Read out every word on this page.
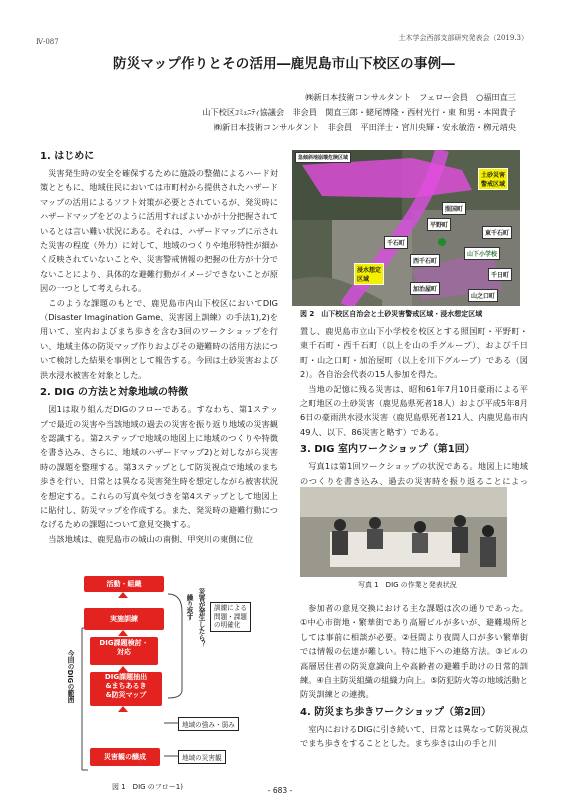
Ⅳ-087	土木学会西部支部研究発表会（2019.3）
防災マップ作りとその活用―鹿児島市山下校区の事例―
㈱新日本技術コンサルタント　フェロー会員　○福田直三
山下校区ｺﾐｭﾆﾃｨ協議会　非会員　関直三郎・蛯尾博隆・西村光行・東 和男・本岡貴子
㈱新日本技術コンサルタント　非会員　平田洋士・宮川央輝・安永敏浩・栁元靖央
1. はじめに

災害発生時の安全を確保するために施設の整備によるハード対策とともに、地域住民においては市町村から提供されたハザードマップの活用によるソフト対策が必要とされているが、発災時にハザードマップをどのように活用すればよいかが十分把握されているとは言い難い状況にある。それは、ハザードマップに示された災害の程度（外力）に対して、地域のつくりや地形特性が細かく反映されていないことや、災害警戒情報の把握の仕方が十分でないことにより、具体的な避難行動がイメージできないことが原因の一つとして考えられる。

このような課題のもとで、鹿児島市内山下校区においてDIG（Disaster Imagination Game、災害図上訓練）の手法1),2)を用いて、室内およびまち歩きを含む3回のワークショップを行い、地域主体の防災マップ作りおよびその避難時の活用方法について検討した結果を事例として報告する。今回は土砂災害および洪水浸水被害を対象とした。

2. DIG の方法と対象地域の特徴

図1は取り組んだDIGのフローである。すなわち、第1ステップで最近の災害や当該地域の過去の災害を振り返り地域の災害観を認識する。第2ステップで地域の地図上に地域のつくりや特徴を書き込み、さらに、地域のハザードマップ2)と対しながら災害時の課題を整理する。第3ステップとして防災視点で地域のまち歩きを行い、日常とは異なる災害発生時を想定しながら被害状況を想定する。これらの写真や気づきを第4ステップとして地図上に貼付し、防災マップを作成する。また、発災時の避難行動につなげるための課題について意見交換する。

当該地域は、鹿児島市の城山の南側、甲突川の東側に位

急傾斜地崩壊危険区域
土砂災害
警戒区域
浸水想定
区域
照国町
平野町
千石町
東千石町
西千石町
山下小学校
加治屋町
千日町
山之口町
図 2　山下校区自治会と土砂災害警戒区域・浸水想定区域

置し、鹿児島市立山下小学校を校区とする照国町・平野町・東千石町・西千石町（以上を山の手グループ）、および千日町・山之口町・加治屋町（以上を川下グループ）である（図2）。各自治会代表の15人参加を得た。

当地の記憶に残る災害は、昭和61年7月10日豪雨による平之町地区の土砂災害（鹿児島県死者18人）および平成5年8月6日の豪雨洪水浸水災害（鹿児島県死者121人、内鹿児島市内49人、以下、86災害と略す）である。

3. DIG 室内ワークショップ（第1回）

写真1は第1回ワークショップの状況である。地図上に地域のつくりを書き込み、過去の災害時を振り返ることによっ

写真 1　DIG の作業と発表状況

参加者の意見交換における主な課題は次の通りであった。①中心市街地・繁華街であり高層ビルが多いが、避難場所としては事前に相談が必要。②昼間より夜間人口が多い繁華街では情報の伝達が難しい。特に地下への連絡方法。③ビルの高層居住者の防災意識向上や高齢者の避難手助けの日常的訓練。④自主防災組織の組織力向上。⑤防犯防火等の地域活動と防災訓練との連携。

4. 防災まち歩きワークショップ（第2回）

室内におけるDIGに引き続いて、日常とは異なって防災視点でまち歩きをすることとした。まち歩きは山の手と川

活動・組織
実施訓練
DIG課題検討・
対応
DIG課題抽出
&まちあるき
&防災マップ
災害観の醸成
今回のDIGの範囲
繰り返す 災害が発生したら？	訓練による
問題・課題
の明確化
地域の強み・弱み
地域の災害観
図 1　DIG のフロー1)	- 683 -
